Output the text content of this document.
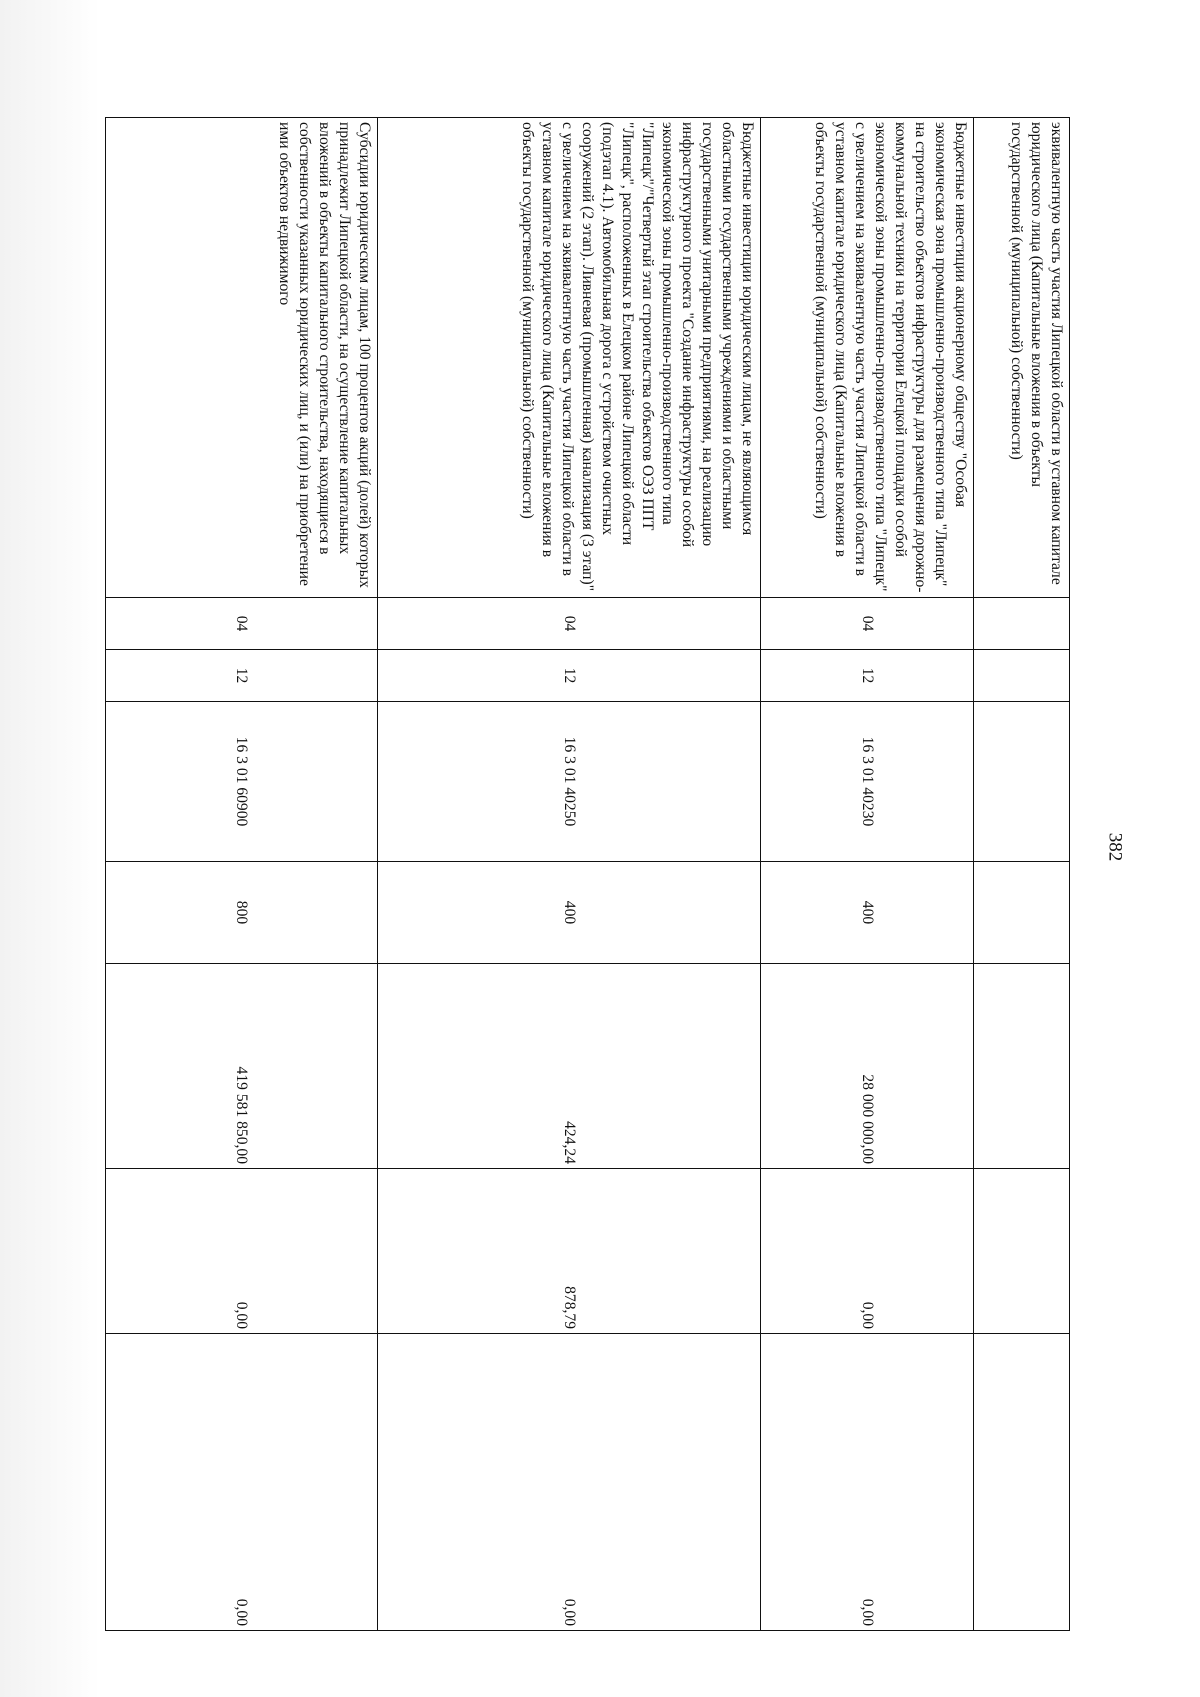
382
эквивалентную часть участия Липецкой области в уставном капитале юридического лица (Капитальные вложения в объекты государственной (муниципальной) собственности)							
Бюджетные инвестиции акционерному обществу "Особая экономическая зона промышленно-производственного типа "Липецк" на строительство объектов инфраструктуры для размещения дорожно-коммунальной техники на территории Елецкой площадки особой экономической зоны промышленно-производственного типа "Липецк" с увеличением на эквивалентную часть участия Липецкой области в уставном капитале юридического лица (Капитальные вложения в объекты государственной (муниципальной) собственности)	04	12	16 3 01 40230	400	28 000 000,00	0,00	0,00
Бюджетные инвестиции юридическим лицам, не являющимся областными государственными учреждениями и областными государственными унитарными предприятиями, на реализацию инфраструктурного проекта "Создание инфраструктуры особой экономической зоны промышленно-производственного типа "Липецк"/"Четвертый этап строительства объектов ОЭЗ ППТ "Липецк", расположенных в Елецком районе Липецкой области (подэтап 4.1). Автомобильная дорога с устройством очистных сооружений (2 этап). Ливневая (промышленная) канализация (3 этап)" с увеличением на эквивалентную часть участия Липецкой области в уставном капитале юридического лица (Капитальные вложения в объекты государственной (муниципальной) собственности)	04	12	16 3 01 40250	400	424,24	878,79	0,00
Субсидии юридическим лицам, 100 процентов акций (долей) которых принадлежит Липецкой области, на осуществление капитальных вложений в объекты капитального строительства, находящиеся в собственности указанных юридических лиц, и (или) на приобретение ими объектов недвижимого	04	12	16 3 01 60900	800	419 581 850,00	0,00	0,00
